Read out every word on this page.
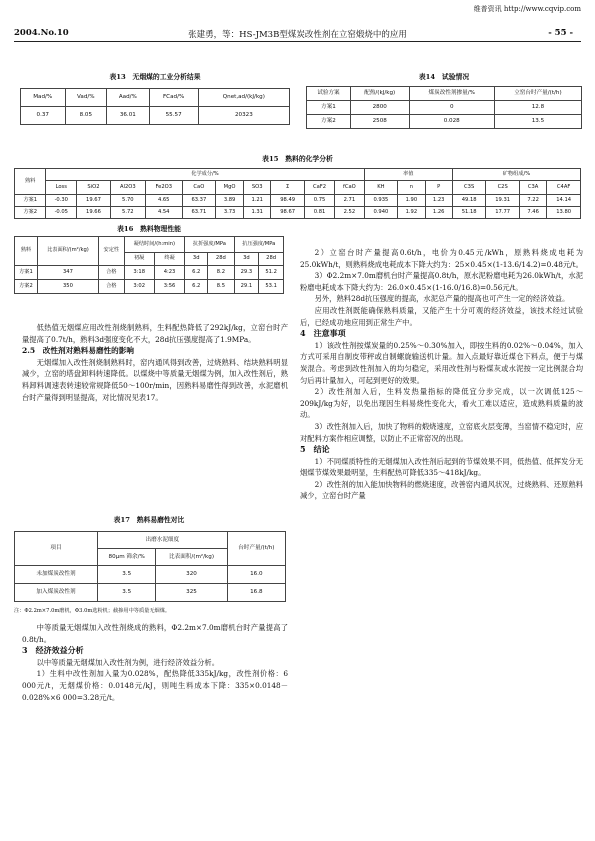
维普资讯 http://www.cqvip.com
2004.No.10	张建勇，等：HS-JM3B型煤炭改性剂在立窑煅烧中的应用	- 55 -
表13　无烟煤的工业分析结果
Mad/%	Vad/%	Aad/%	FCad/%	Qnet,ad/(kJ/kg)
0.37	8.05	36.01	55.57	20323
表14　试验情况
试验方案	配热/(kJ/kg)	煤炭改性剂掺量/%	立窑台时产量/(t/h)
方案1	2800	0	12.8
方案2	2508	0.028	13.5
表15　熟料的化学分析
熟料	化学成分/%										率值			矿物组成/%			
	Loss	SiO2	Al2O3	Fe2O3	CaO	MgO	SO3	Σ	CaF2	fCaO	KH	n	P	C3S	C2S	C3A	C4AF
方案1	-0.30	19.67	5.70	4.65	63.37	3.89	1.21	98.49	0.75	2.71	0.935	1.90	1.23	49.18	19.31	7.22	14.14
方案2	-0.05	19.66	5.72	4.54	63.71	3.73	1.31	98.67	0.81	2.52	0.940	1.92	1.26	51.18	17.77	7.46	13.80
表16　熟料物理性能
熟料	比表面积/(m²/kg)	安定性	凝结时间/(h:min)		抗折强度/MPa		抗压强度/MPa	
			初凝	终凝	3d	28d	3d	28d
方案1	347	合格	3:18	4:23	6.2	8.2	29.3	51.2
方案2	350	合格	3:02	3:56	6.2	8.5	29.1	53.1

低热值无烟煤应用改性剂烧制熟料，生料配热降低了292kJ/kg，立窑台时产量提高了0.7t/h，熟料3d强度变化不大，28d抗压强度提高了1.9MPa。

2.5　改性剂对熟料易磨性的影响

无烟煤加入改性剂烧制熟料时，窑内通风得到改善，过烧熟料、结块熟料明显减少，立窑的塔盘卸料转速降低。以煤烧中等质量无烟煤为例，加入改性剂后，熟料卸料调速表转速较常规降低50～100r/min，因熟料易磨性得到改善，水泥磨机台时产量得到明显提高，对比情况见表17。

表17　熟料易磨性对比
项目	出磨水泥细度		台时产量/(t/h)
	80μm 筛余/%	比表面积/(m²/kg)	
未加煤炭改性剂	3.5	320	16.0
加入煤炭改性剂	3.5	325	16.8
注：Φ2.2m×7.0m磨机，Φ3.0m选粉机；截掺用中等质量无烟煤。

中等质量无烟煤加入改性剂烧成的熟料，Φ2.2m×7.0m磨机台时产量提高了0.8t/h。

3　经济效益分析

以中等质量无烟煤加入改性剂为例，进行经济效益分析。

1）生料中改性剂加入量为0.028%，配热降低335kJ/kg，改性剂价格：6 000元/t，无烟煤价格：0.0148元/kJ，则吨生料成本下降：335×0.0148－0.028%×6 000=3.28元/t。

2）立窑台时产量提高0.6t/h，电价为0.45元/kWh，原熟料烧成电耗为25.0kWh/t，则熟料烧成电耗成本下降大约为：25×0.45×(1-13.6/14.2)=0.48元/t。

3）Φ2.2m×7.0m磨机台时产量提高0.8t/h，原水泥粉磨电耗为26.0kWh/t，水泥粉磨电耗成本下降大约为：26.0×0.45×(1-16.0/16.8)=0.56元/t。

另外，熟料28d抗压强度的提高，水泥总产量的提高也可产生一定的经济效益。

应用改性剂既能确保熟料质量，又能产生十分可观的经济效益，该技术经过试验后，已经成功地应用到正常生产中。

4　注意事项

1）该改性剂按煤炭量的0.25%～0.30%加入，即按生料的0.02%～0.04%，加入方式可采用自制皮带秤或自制螺旋输送机计量。加入点最好靠近煤仓下料点，便于与煤炭混合。考虑到改性剂加入的均匀稳定，采用改性剂与粉煤灰或水泥按一定比例混合均匀后再计量加入，可起到更好的效果。

2）改性剂加入后，生料发热量指标的降低宜分步完成，以一次调低125～209kJ/kg为好，以免出现因生料易烧性变化大，看火工难以适应，造成熟料质量的波动。

3）改性剂加入后，加快了物料的煅烧速度，立窑底火层变薄，当窑情不稳定时，应对配料方案作相应调整，以防止不正常窑况的出现。

5　结论

1）不同煤质特性的无烟煤加入改性剂后起到的节煤效果不同，低热值、低挥发分无烟煤节煤效果最明显，生料配热可降低335～418kJ/kg。

2）改性剂的加入能加快物料的燃烧速度，改善窑内通风状况，过烧熟料、还原熟料减少，立窑台时产量
